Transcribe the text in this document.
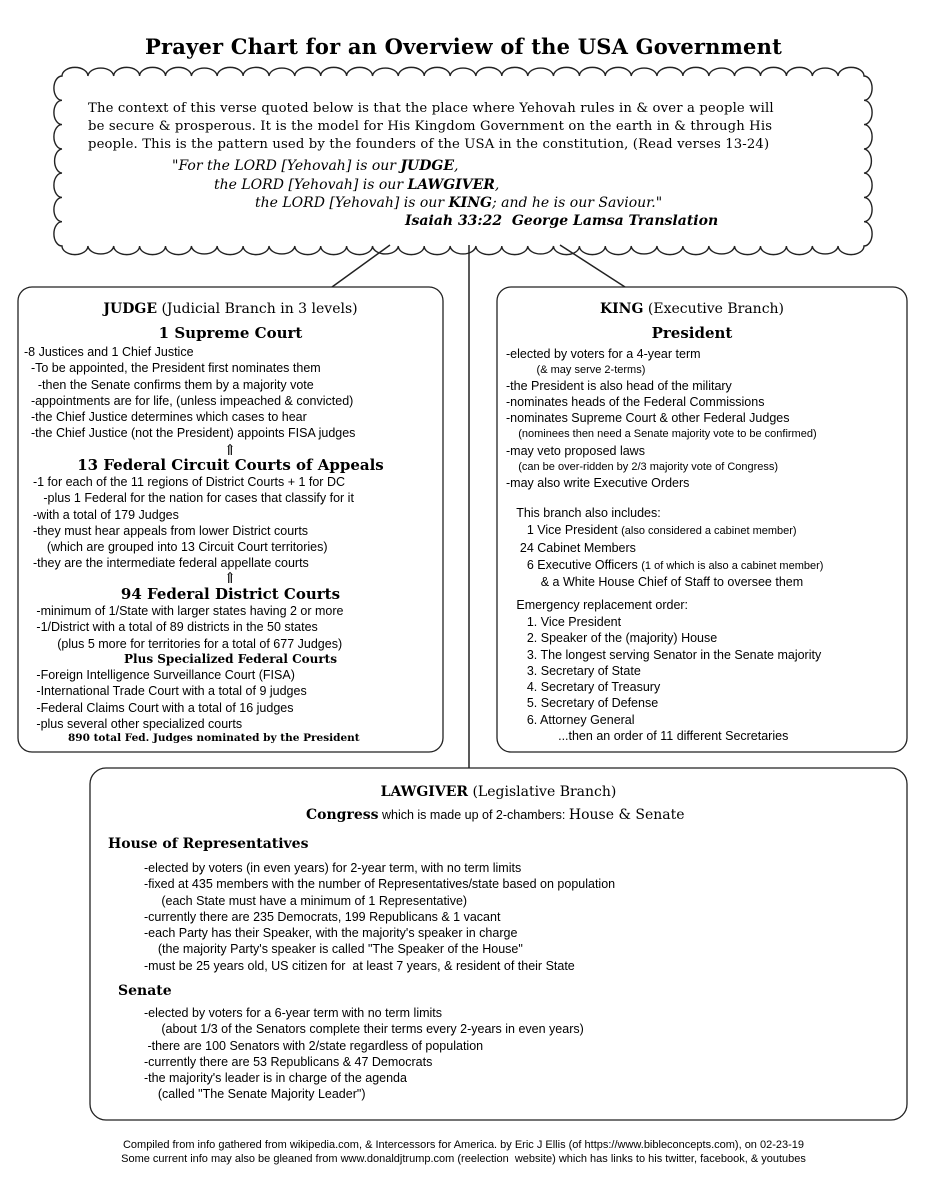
Prayer Chart for an Overview of the USA Government
The context of this verse quoted below is that the place where Yehovah rules in & over a people will
be secure & prosperous. It is the model for His Kingdom Government on the earth in & through His
people. This is the pattern used by the founders of the USA in the constitution, (Read verses 13-24)
"For the LORD [Yehovah] is our JUDGE,
the LORD [Yehovah] is our LAWGIVER,
the LORD [Yehovah] is our KING; and he is our Saviour."
Isaiah 33:22  George Lamsa Translation
JUDGE (Judicial Branch in 3 levels)
1 Supreme Court
-8 Justices and 1 Chief Justice
-To be appointed, the President first nominates them
-then the Senate confirms them by a majority vote
-appointments are for life, (unless impeached & convicted)
-the Chief Justice determines which cases to hear
-the Chief Justice (not the President) appoints FISA judges
⇑
13 Federal Circuit Courts of Appeals
-1 for each of the 11 regions of District Courts + 1 for DC
-plus 1 Federal for the nation for cases that classify for it
-with a total of 179 Judges
-they must hear appeals from lower District courts
(which are grouped into 13 Circuit Court territories)
-they are the intermediate federal appellate courts
⇑
94 Federal District Courts
-minimum of 1/State with larger states having 2 or more
-1/District with a total of 89 districts in the 50 states
(plus 5 more for territories for a total of 677 Judges)
Plus Specialized Federal Courts
-Foreign Intelligence Surveillance Court (FISA)
-International Trade Court with a total of 9 judges
-Federal Claims Court with a total of 16 judges
-plus several other specialized courts
890 total Fed. Judges nominated by the President
KING (Executive Branch)
President
-elected by voters for a 4-year term
(& may serve 2-terms)
-the President is also head of the military
-nominates heads of the Federal Commissions
-nominates Supreme Court & other Federal Judges
(nominees then need a Senate majority vote to be confirmed)
-may veto proposed laws
(can be over-ridden by 2/3 majority vote of Congress)
-may also write Executive Orders
This branch also includes:
1 Vice President (also considered a cabinet member)
24 Cabinet Members
6 Executive Officers (1 of which is also a cabinet member)
& a White House Chief of Staff to oversee them
Emergency replacement order:
1. Vice President
2. Speaker of the (majority) House
3. The longest serving Senator in the Senate majority
3. Secretary of State
4. Secretary of Treasury
5. Secretary of Defense
6. Attorney General
...then an order of 11 different Secretaries
LAWGIVER (Legislative Branch)
Congress which is made up of 2-chambers: House & Senate
House of Representatives
-elected by voters (in even years) for 2-year term, with no term limits
-fixed at 435 members with the number of Representatives/state based on population
(each State must have a minimum of 1 Representative)
-currently there are 235 Democrats, 199 Republicans & 1 vacant
-each Party has their Speaker, with the majority's speaker in charge
(the majority Party's speaker is called "The Speaker of the House"
-must be 25 years old, US citizen for  at least 7 years, & resident of their State
Senate
-elected by voters for a 6-year term with no term limits
(about 1/3 of the Senators complete their terms every 2-years in even years)
-there are 100 Senators with 2/state regardless of population
-currently there are 53 Republicans & 47 Democrats
-the majority's leader is in charge of the agenda
(called "The Senate Majority Leader")
Compiled from info gathered from wikipedia.com, & Intercessors for America. by Eric J Ellis (of https://www.bibleconcepts.com), on 02-23-19
Some current info may also be gleaned from www.donaldjtrump.com (reelection  website) which has links to his twitter, facebook, & youtubes
